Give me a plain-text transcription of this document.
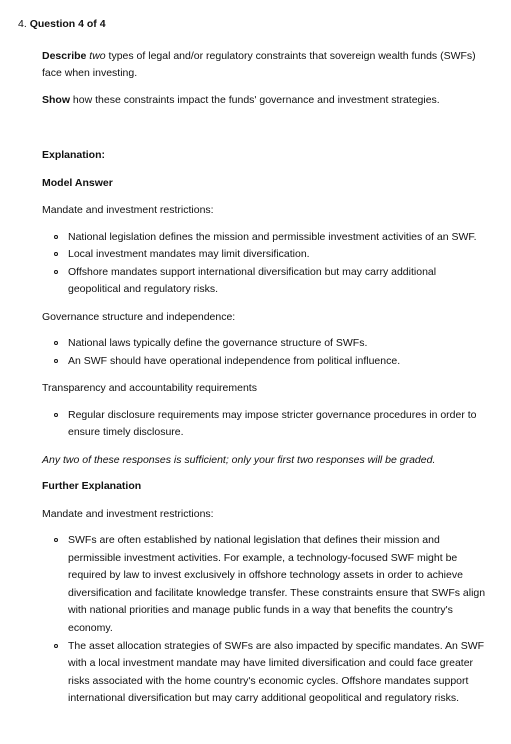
4. Question 4 of 4

Describe two types of legal and/or regulatory constraints that sovereign wealth funds (SWFs) face when investing.

Show how these constraints impact the funds' governance and investment strategies.

Explanation:

Model Answer

Mandate and investment restrictions:

National legislation defines the mission and permissible investment activities of an SWF.
Local investment mandates may limit diversification.
Offshore mandates support international diversification but may carry additional geopolitical and regulatory risks.

Governance structure and independence:

National laws typically define the governance structure of SWFs.
An SWF should have operational independence from political influence.

Transparency and accountability requirements

Regular disclosure requirements may impose stricter governance procedures in order to ensure timely disclosure.

Any two of these responses is sufficient; only your first two responses will be graded.

Further Explanation

Mandate and investment restrictions:

SWFs are often established by national legislation that defines their mission and permissible investment activities. For example, a technology-focused SWF might be required by law to invest exclusively in offshore technology assets in order to achieve diversification and facilitate knowledge transfer. These constraints ensure that SWFs align with national priorities and manage public funds in a way that benefits the country's economy.
The asset allocation strategies of SWFs are also impacted by specific mandates. An SWF with a local investment mandate may have limited diversification and could face greater risks associated with the home country's economic cycles. Offshore mandates support international diversification but may carry additional geopolitical and regulatory risks.
